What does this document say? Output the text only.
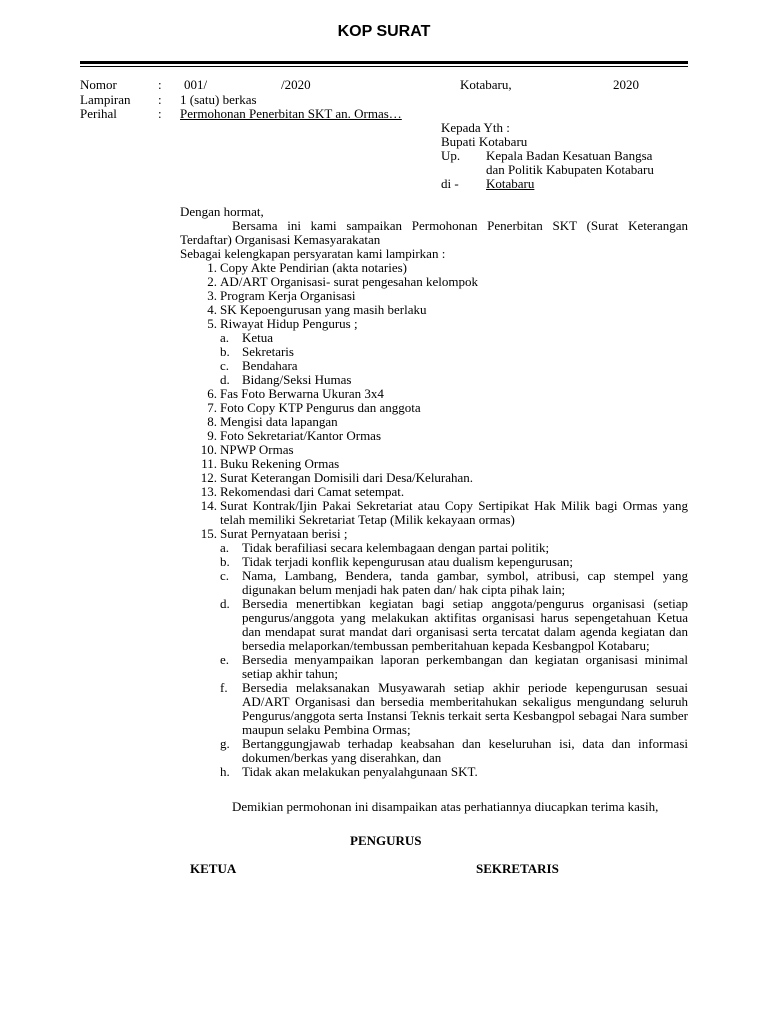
KOP SURAT
Nomor	: 001/	/2020	Kotabaru,	2020
Lampiran : 1 (satu) berkas
Perihal	: Permohonan Penerbitan SKT an. Ormas…
Kepada Yth :
Bupati Kotabaru
Up. Kepala Badan Kesatuan Bangsa
dan Politik Kabupaten Kotabaru
di - Kotabaru
Dengan hormat,
Bersama ini kami sampaikan Permohonan Penerbitan SKT (Surat Keterangan Terdaftar) Organisasi Kemasyarakatan
Sebagai kelengkapan persyaratan kami lampirkan :
1. Copy Akte Pendirian (akta notaries)
2. AD/ART Organisasi- surat pengesahan kelompok
3. Program Kerja Organisasi
4. SK Kepoengurusan yang masih berlaku
5. Riwayat Hidup Pengurus ;
a. Ketua
b. Sekretaris
c. Bendahara
d. Bidang/Seksi Humas
6. Fas Foto Berwarna Ukuran 3x4
7. Foto Copy KTP Pengurus dan anggota
8. Mengisi data lapangan
9. Foto Sekretariat/Kantor Ormas
10. NPWP Ormas
11. Buku Rekening Ormas
12. Surat Keterangan Domisili dari Desa/Kelurahan.
13. Rekomendasi dari Camat setempat.
14. Surat Kontrak/Ijin Pakai Sekretariat atau Copy Sertipikat Hak Milik bagi Ormas yang telah memiliki Sekretariat Tetap (Milik kekayaan ormas)
15. Surat Pernyataan berisi ;
a. Tidak berafiliasi secara kelembagaan dengan partai politik;
b. Tidak terjadi konflik kepengurusan atau dualism kepengurusan;
c. Nama, Lambang, Bendera, tanda gambar, symbol, atribusi, cap stempel yang digunakan belum menjadi hak paten dan/ hak cipta pihak lain;
d. Bersedia menertibkan kegiatan bagi setiap anggota/pengurus organisasi (setiap pengurus/anggota yang melakukan aktifitas organisasi harus sepengetahuan Ketua dan mendapat surat mandat dari organisasi serta tercatat dalam agenda kegiatan dan bersedia melaporkan/tembussan pemberitahuan kepada Kesbangpol Kotabaru;
e. Bersedia menyampaikan laporan perkembangan dan kegiatan organisasi minimal setiap akhir tahun;
f. Bersedia melaksanakan Musyawarah setiap akhir periode kepengurusan sesuai AD/ART Organisasi dan bersedia memberitahukan sekaligus mengundang seluruh Pengurus/anggota serta Instansi Teknis terkait serta Kesbangpol sebagai Nara sumber maupun selaku Pembina Ormas;
g. Bertanggungjawab terhadap keabsahan dan keseluruhan isi, data dan informasi dokumen/berkas yang diserahkan, dan
h. Tidak akan melakukan penyalahgunaan SKT.
Demikian permohonan ini disampaikan atas perhatiannya diucapkan terima kasih,
PENGURUS
KETUA	SEKRETARIS
